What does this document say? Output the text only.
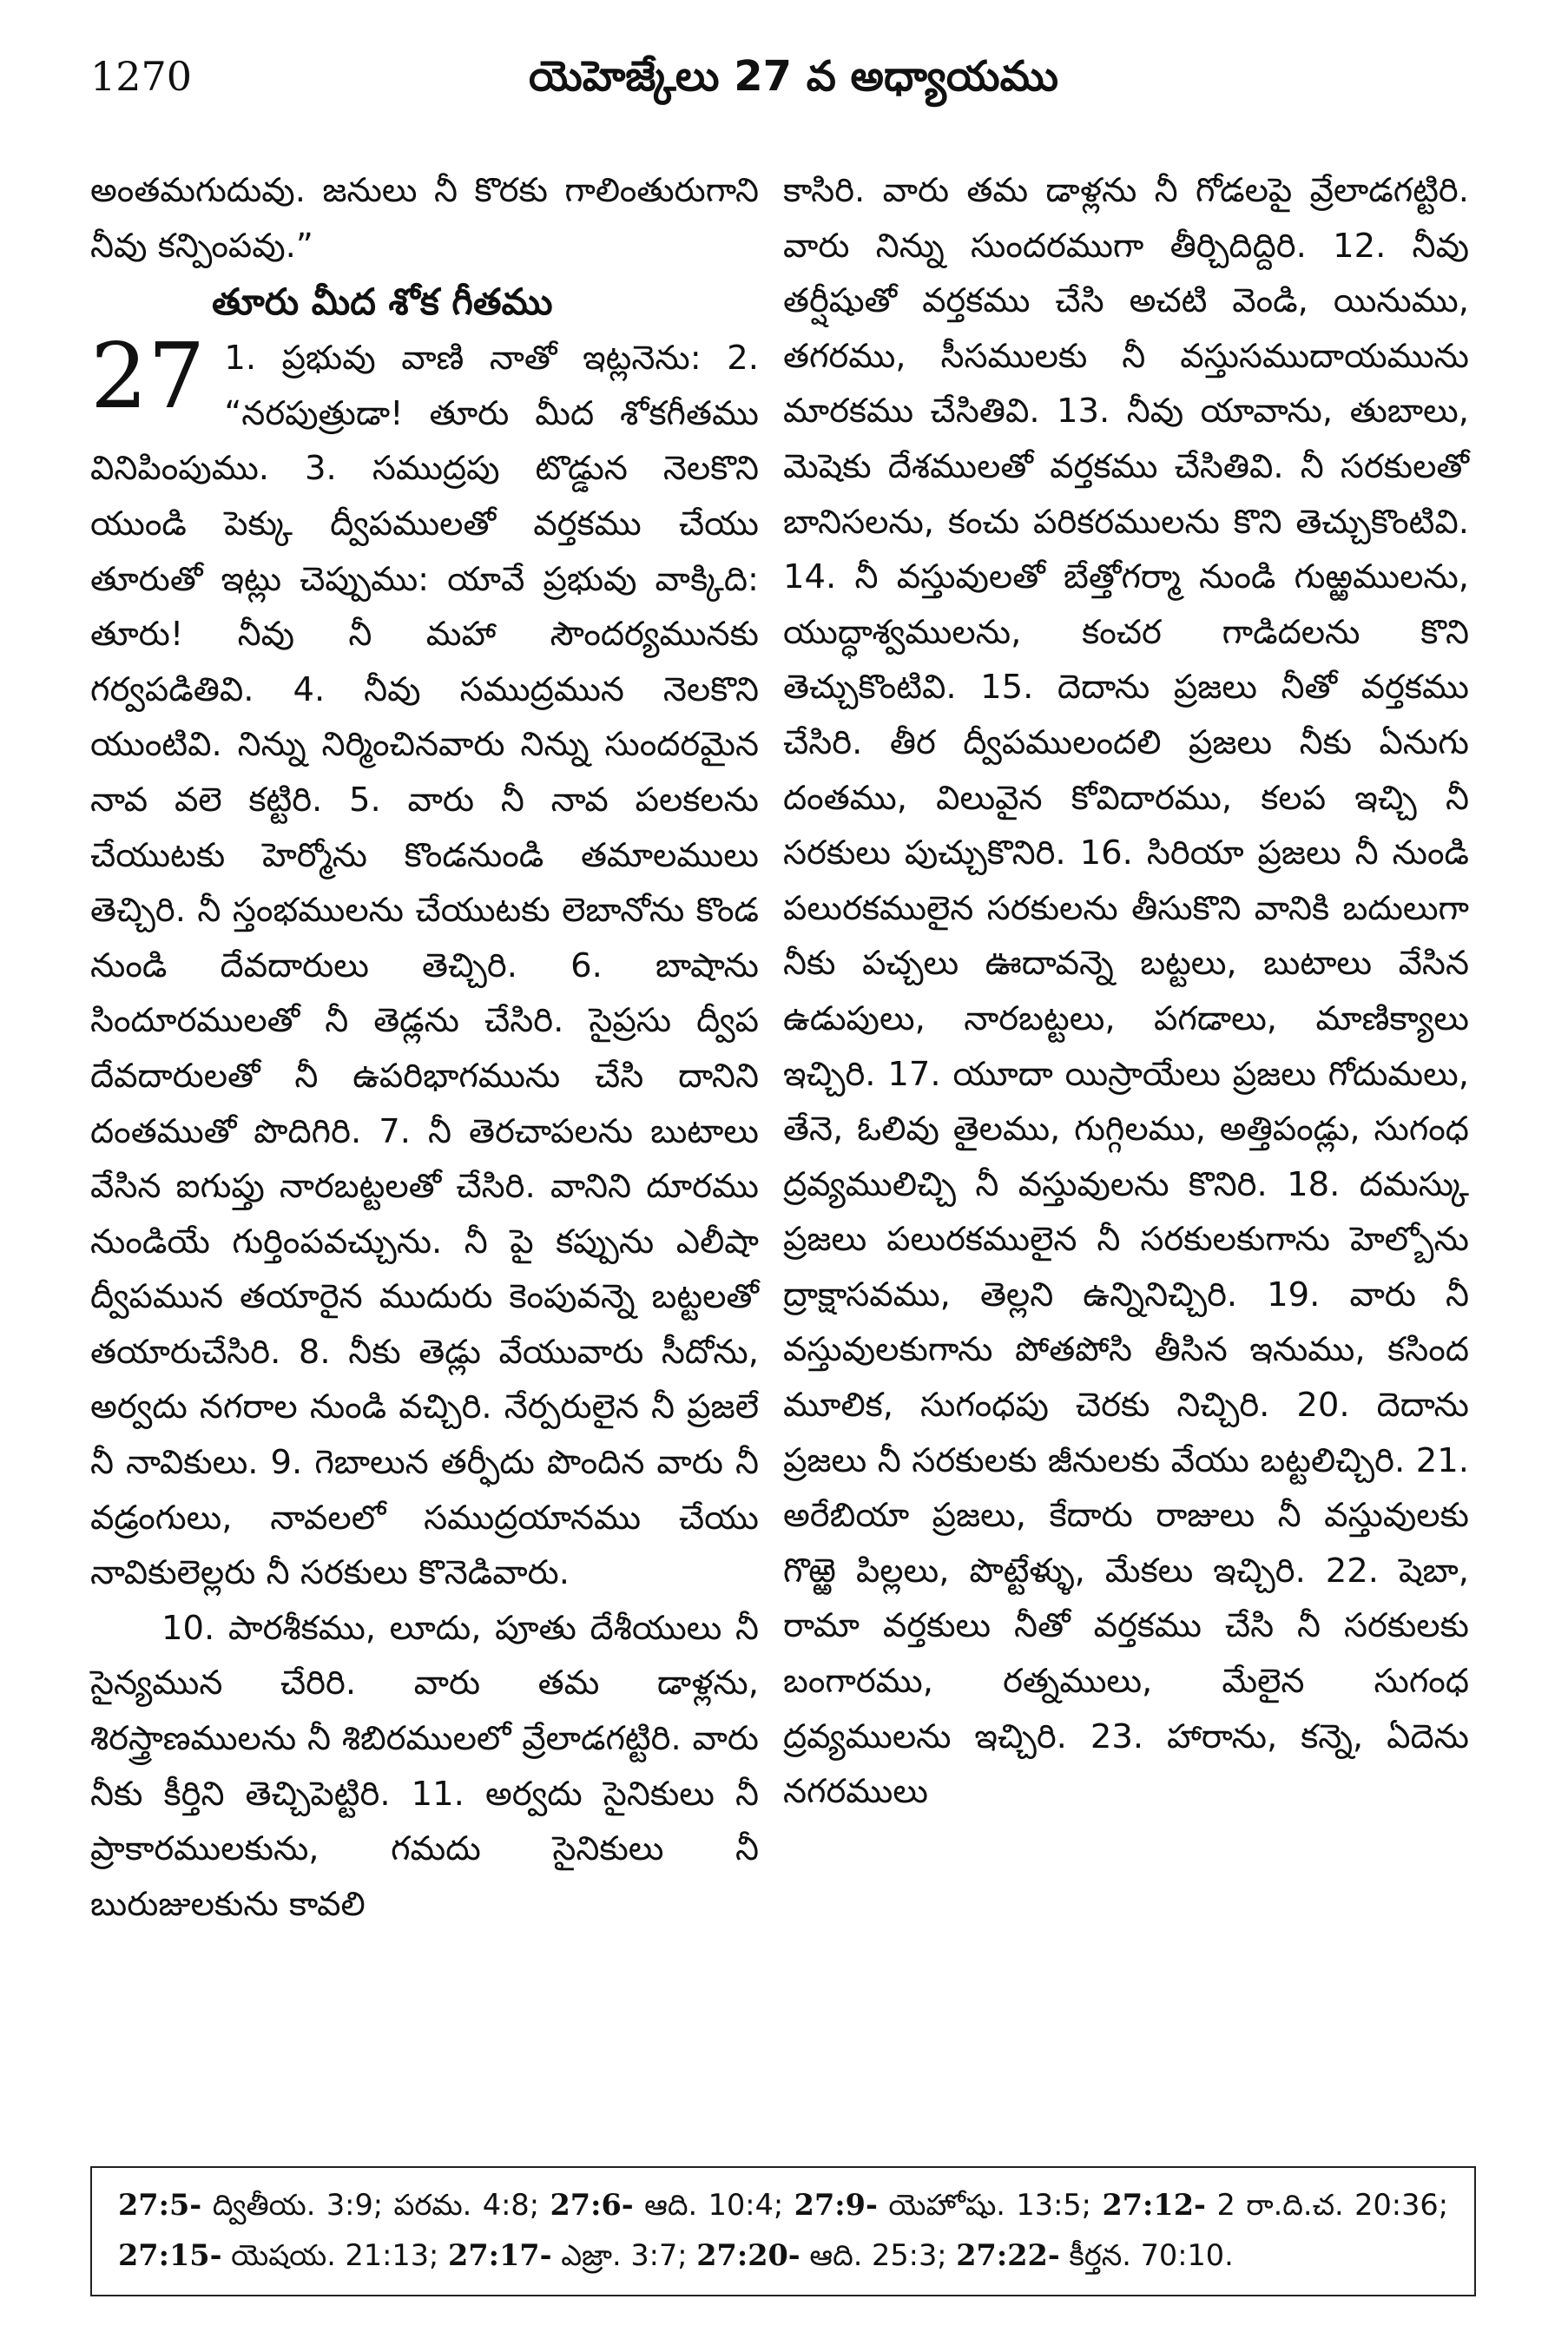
1270	యెహెజ్కేలు 27 వ అధ్యాయము

అంతమగుదువు. జనులు నీ కొరకు గాలింతురుగాని నీవు కన్పింపవు.”

తూరు మీద శోక గీతము
27 1. ప్రభువు వాణి నాతో ఇట్లనెను: 2. “నరపుత్రుడా! తూరు మీద శోకగీతము వినిపింపుము. 3. సముద్రపు టొడ్డున నెలకొని యుండి పెక్కు ద్వీపములతో వర్తకము చేయు తూరుతో ఇట్లు చెప్పుము: యావే ప్రభువు వాక్కిది: తూరు! నీవు నీ మహా సౌందర్యమునకు గర్వపడితివి. 4. నీవు సముద్రమున నెలకొని యుంటివి. నిన్ను నిర్మించినవారు నిన్ను సుందరమైన నావ వలె కట్టిరి. 5. వారు నీ నావ పలకలను చేయుటకు హెర్మోను కొండనుండి తమాలములు తెచ్చిరి. నీ స్తంభములను చేయుటకు లెబానోను కొండ నుండి దేవదారులు తెచ్చిరి. 6. బాషాను సిందూరములతో నీ తెడ్లను చేసిరి. సైప్రసు ద్వీప దేవదారులతో నీ ఉపరిభాగమును చేసి దానిని దంతముతో పొదిగిరి. 7. నీ తెరచాపలను బుటాలు వేసిన ఐగుప్తు నారబట్టలతో చేసిరి. వానిని దూరము నుండియే గుర్తింపవచ్చును. నీ పై కప్పును ఎలీషా ద్వీపమున తయారైన ముదురు కెంపువన్నె బట్టలతో తయారుచేసిరి. 8. నీకు తెడ్లు వేయువారు సీదోను, అర్వదు నగరాల నుండి వచ్చిరి. నేర్పరులైన నీ ప్రజలే నీ నావికులు. 9. గెబాలున తర్ఫీదు పొందిన వారు నీ వడ్రంగులు, నావలలో సముద్రయానము చేయు నావికులెల్లరు నీ సరకులు కొనెడివారు.

10. పారశీకము, లూదు, పూతు దేశీయులు నీ సైన్యమున చేరిరి. వారు తమ డాళ్లను, శిరస్త్రాణములను నీ శిబిరములలో వ్రేలాడగట్టిరి. వారు నీకు కీర్తిని తెచ్చిపెట్టిరి. 11. అర్వదు సైనికులు నీ ప్రాకారములకును, గమదు సైనికులు నీ బురుజులకును కావలి

కాసిరి. వారు తమ డాళ్లను నీ గోడలపై వ్రేలాడగట్టిరి. వారు నిన్ను సుందరముగా తీర్చిదిద్దిరి. 12. నీవు తర్షీషుతో వర్తకము చేసి అచటి వెండి, యినుము, తగరము, సీసములకు నీ వస్తుసముదాయమును మారకము చేసితివి. 13. నీవు యావాను, తుబాలు, మెషెకు దేశములతో వర్తకము చేసితివి. నీ సరకులతో బానిసలను, కంచు పరికరములను కొని తెచ్చుకొంటివి. 14. నీ వస్తువులతో బేత్తోగర్మా నుండి గుఱ్ఱములను, యుద్ధాశ్వములను, కంచర గాడిదలను కొని తెచ్చుకొంటివి. 15. దెదాను ప్రజలు నీతో వర్తకము చేసిరి. తీర ద్వీపములందలి ప్రజలు నీకు ఏనుగు దంతము, విలువైన కోవిదారము, కలప ఇచ్చి నీ సరకులు పుచ్చుకొనిరి. 16. సిరియా ప్రజలు నీ నుండి పలురకములైన సరకులను తీసుకొని వానికి బదులుగా నీకు పచ్చలు ఊదావన్నె బట్టలు, బుటాలు వేసిన ఉడుపులు, నారబట్టలు, పగడాలు, మాణిక్యాలు ఇచ్చిరి. 17. యూదా యిస్రాయేలు ప్రజలు గోదుమలు, తేనె, ఓలివు తైలము, గుగ్గిలము, అత్తిపండ్లు, సుగంధ ద్రవ్యములిచ్చి నీ వస్తువులను కొనిరి. 18. దమస్కు ప్రజలు పలురకములైన నీ సరకులకుగాను హెల్బోను ద్రాక్షాసవము, తెల్లని ఉన్నినిచ్చిరి. 19. వారు నీ వస్తువులకుగాను పోతపోసి తీసిన ఇనుము, కసింద మూలిక, సుగంధపు చెరకు నిచ్చిరి. 20. దెదాను ప్రజలు నీ సరకులకు జీనులకు వేయు బట్టలిచ్చిరి. 21. అరేబియా ప్రజలు, కేదారు రాజులు నీ వస్తువులకు గొఱ్ఱె పిల్లలు, పొట్టేళ్ళు, మేకలు ఇచ్చిరి. 22. షెబా, రామా వర్తకులు నీతో వర్తకము చేసి నీ సరకులకు బంగారము, రత్నములు, మేలైన సుగంధ ద్రవ్యములను ఇచ్చిరి. 23. హారాను, కన్నె, ఏదెను నగరములు

27:5- ద్వితీయ. 3:9; పరమ. 4:8; 27:6- ఆది. 10:4; 27:9- యెహోషు. 13:5; 27:12- 2 రా.ది.చ. 20:36; 27:15- యెషయ. 21:13; 27:17- ఎజ్రా. 3:7; 27:20- ఆది. 25:3; 27:22- కీర్తన. 70:10.
